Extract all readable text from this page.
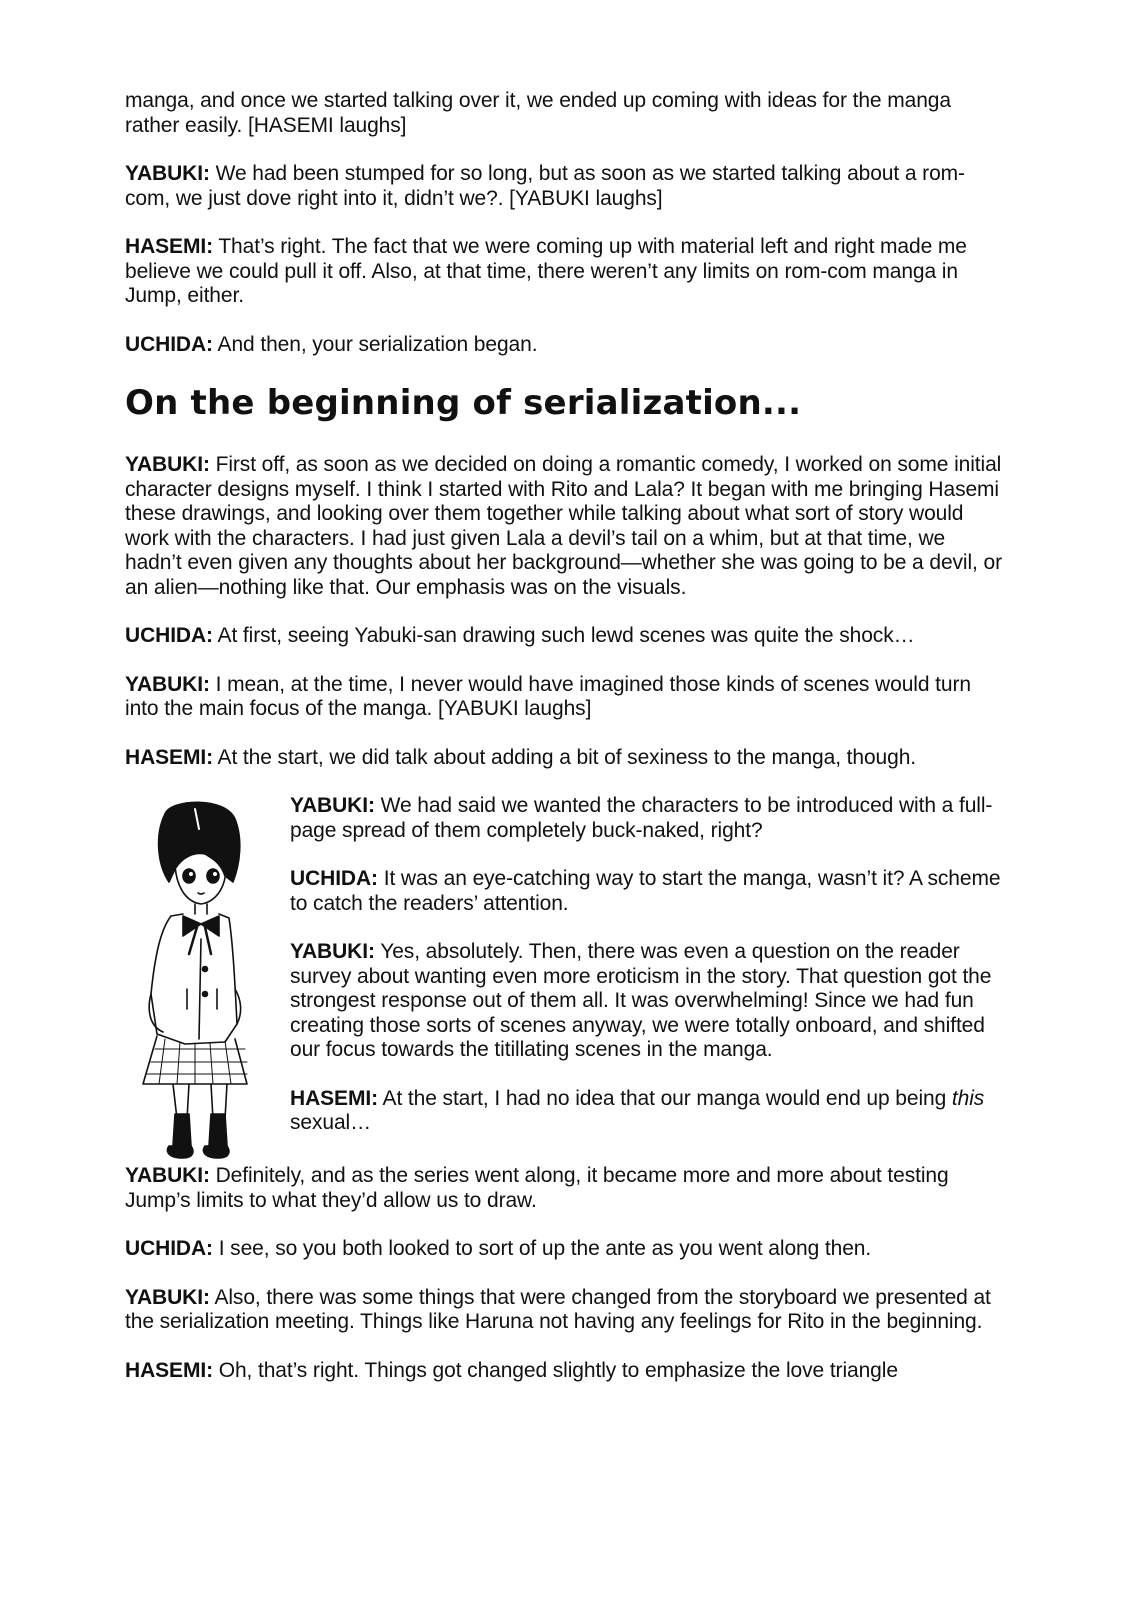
manga, and once we started talking over it, we ended up coming with ideas for the manga rather easily. [HASEMI laughs]

YABUKI: We had been stumped for so long, but as soon as we started talking about a rom-com, we just dove right into it, didn’t we?. [YABUKI laughs]

HASEMI: That’s right. The fact that we were coming up with material left and right made me believe we could pull it off. Also, at that time, there weren’t any limits on rom-com manga in Jump, either.

UCHIDA: And then, your serialization began.

On the beginning of serialization...

YABUKI: First off, as soon as we decided on doing a romantic comedy, I worked on some initial character designs myself. I think I started with Rito and Lala? It began with me bringing Hasemi these drawings, and looking over them together while talking about what sort of story would work with the characters. I had just given Lala a devil’s tail on a whim, but at that time, we hadn’t even given any thoughts about her background—whether she was going to be a devil, or an alien—nothing like that. Our emphasis was on the visuals.

UCHIDA: At first, seeing Yabuki-san drawing such lewd scenes was quite the shock…

YABUKI: I mean, at the time, I never would have imagined those kinds of scenes would turn into the main focus of the manga. [YABUKI laughs]

HASEMI: At the start, we did talk about adding a bit of sexiness to the manga, though.

YABUKI: We had said we wanted the characters to be introduced with a full-page spread of them completely buck-naked, right?

UCHIDA: It was an eye-catching way to start the manga, wasn’t it? A scheme to catch the readers’ attention.

YABUKI: Yes, absolutely. Then, there was even a question on the reader survey about wanting even more eroticism in the story. That question got the strongest response out of them all. It was overwhelming! Since we had fun creating those sorts of scenes anyway, we were totally onboard, and shifted our focus towards the titillating scenes in the manga.

HASEMI: At the start, I had no idea that our manga would end up being this sexual…

YABUKI: Definitely, and as the series went along, it became more and more about testing Jump’s limits to what they’d allow us to draw.

UCHIDA: I see, so you both looked to sort of up the ante as you went along then.

YABUKI: Also, there was some things that were changed from the storyboard we presented at the serialization meeting. Things like Haruna not having any feelings for Rito in the beginning.

HASEMI: Oh, that’s right. Things got changed slightly to emphasize the love triangle
